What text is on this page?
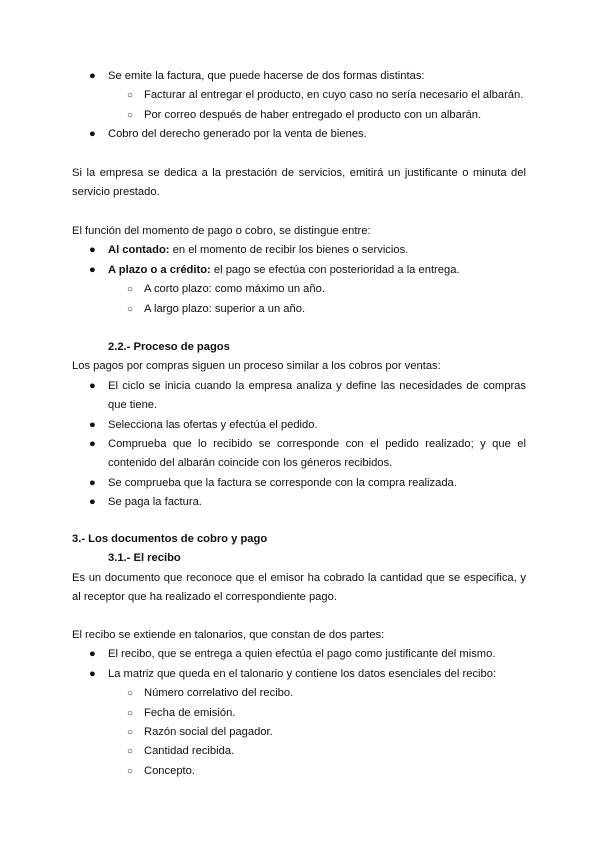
● Se emite la factura, que puede hacerse de dos formas distintas:
○ Facturar al entregar el producto, en cuyo caso no sería necesario el albarán.
○ Por correo después de haber entregado el producto con un albarán.
● Cobro del derecho generado por la venta de bienes.

Si la empresa se dedica a la prestación de servicios, emitirá un justificante o minuta del servicio prestado.

El función del momento de pago o cobro, se distingue entre:

● Al contado: en el momento de recibir los bienes o servicios.
● A plazo o a crédito: el pago se efectúa con posterioridad a la entrega.
○ A corto plazo: como máximo un año.
○ A largo plazo: superior a un año.

2.2.- Proceso de pagos

Los pagos por compras siguen un proceso similar a los cobros por ventas:

● El ciclo se inicia cuando la empresa analiza y define las necesidades de compras que tiene.
● Selecciona las ofertas y efectúa el pedido.
● Comprueba que lo recibido se corresponde con el pedido realizado; y que el contenido del albarán coincide con los géneros recibidos.
● Se comprueba que la factura se corresponde con la compra realizada.
● Se paga la factura.

3.- Los documentos de cobro y pago

3.1.- El recibo

Es un documento que reconoce que el emisor ha cobrado la cantidad que se especifica, y al receptor que ha realizado el correspondiente pago.

El recibo se extiende en talonarios, que constan de dos partes:

● El recibo, que se entrega a quien efectúa el pago como justificante del mismo.
● La matriz que queda en el talonario y contiene los datos esenciales del recibo:
○ Número correlativo del recibo.
○ Fecha de emisión.
○ Razón social del pagador.
○ Cantidad recibida.
○ Concepto.
